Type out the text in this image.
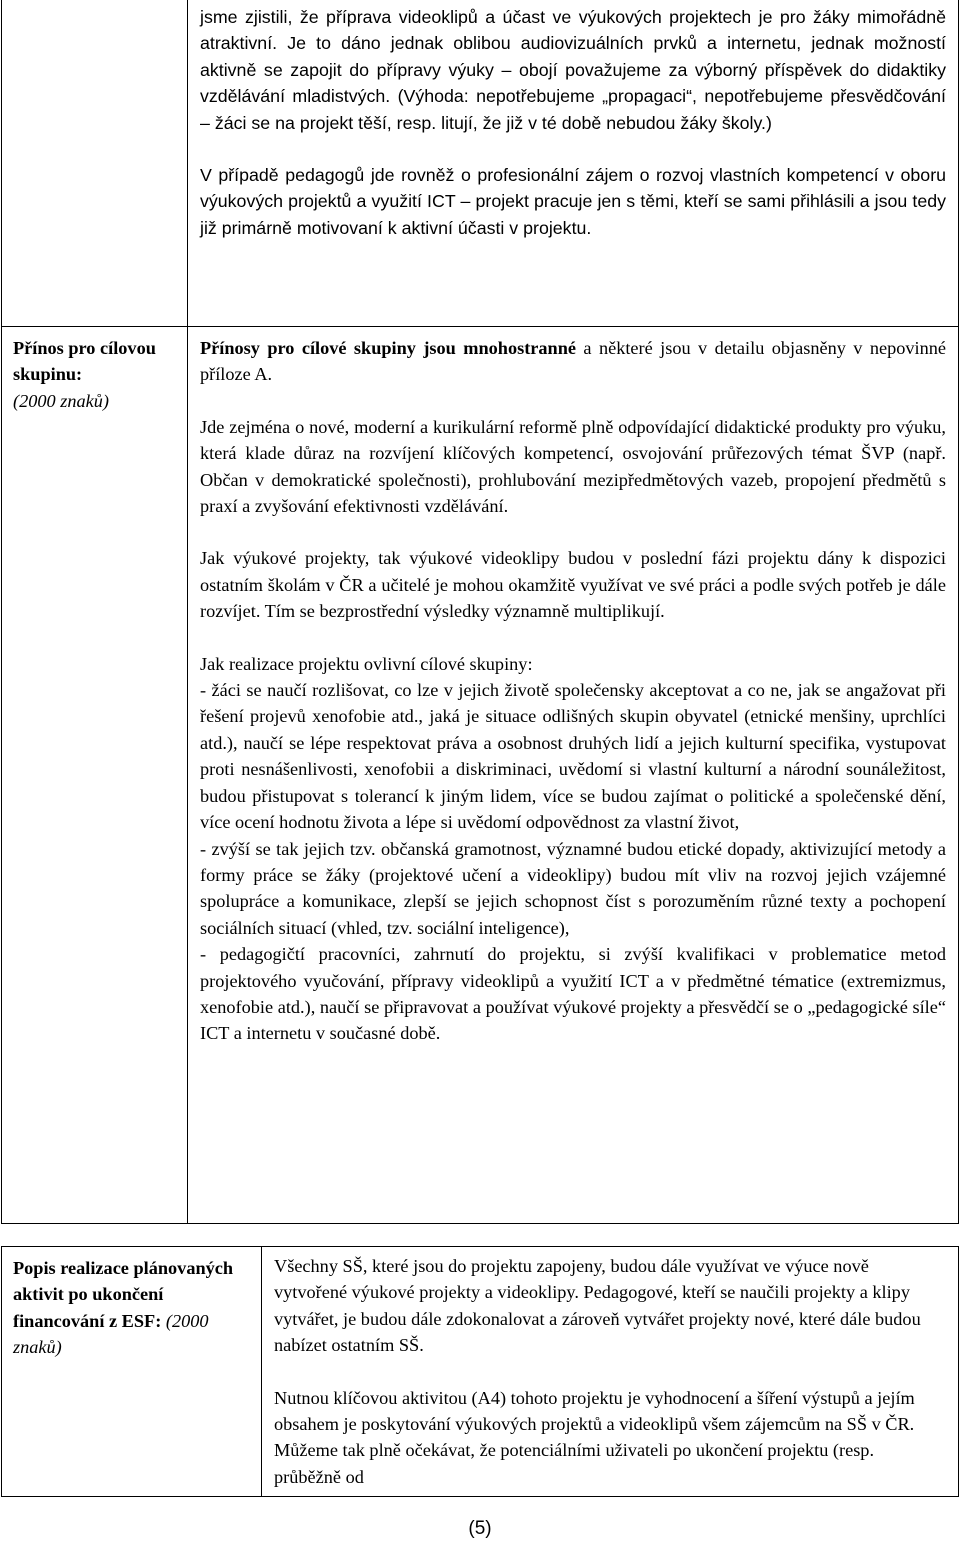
jsme zjistili, že příprava videoklipů a účast ve výukových projektech je pro žáky mimořádně atraktivní. Je to dáno jednak oblibou audiovizuálních prvků a internetu, jednak možností aktivně se zapojit do přípravy výuky – obojí považujeme za výborný příspěvek do didaktiky vzdělávání mladistvých. (Výhoda: nepotřebujeme „propagaci“, nepotřebujeme přesvědčování – žáci se na projekt těší, resp. litují, že již v té době nebudou žáky školy.)

V případě pedagogů jde rovněž o profesionální zájem o rozvoj vlastních kompetencí v oboru výukových projektů a využití ICT – projekt pracuje jen s těmi, kteří se sami přihlásili a jsou tedy již primárně motivovaní k aktivní účasti v projektu.

Přínos pro cílovou skupinu:
(2000 znaků)

Přínosy pro cílové skupiny jsou mnohostranné a některé jsou v detailu objasněny v nepovinné příloze A.

Jde zejména o nové, moderní a kurikulární reformě plně odpovídající didaktické produkty pro výuku, která klade důraz na rozvíjení klíčových kompetencí, osvojování průřezových témat ŠVP (např. Občan v demokratické společnosti), prohlubování mezipředmětových vazeb, propojení předmětů s praxí a zvyšování efektivnosti vzdělávání.

Jak výukové projekty, tak výukové videoklipy budou v poslední fázi projektu dány k dispozici ostatním školám v ČR a učitelé je mohou okamžitě využívat ve své práci a podle svých potřeb je dále rozvíjet. Tím se bezprostřední výsledky významně multiplikují.

Jak realizace projektu ovlivní cílové skupiny:

- žáci se naučí rozlišovat, co lze v jejich životě společensky akceptovat a co ne, jak se angažovat při řešení projevů xenofobie atd., jaká je situace odlišných skupin obyvatel (etnické menšiny, uprchlíci atd.), naučí se lépe respektovat práva a osobnost druhých lidí a jejich kulturní specifika, vystupovat proti nesnášenlivosti, xenofobii a diskriminaci, uvědomí si vlastní kulturní a národní sounáležitost, budou přistupovat s tolerancí k jiným lidem, více se budou zajímat o politické a společenské dění, více ocení hodnotu života a lépe si uvědomí odpovědnost za vlastní život,

- zvýší se tak jejich tzv. občanská gramotnost, významné budou etické dopady, aktivizující metody a formy práce se žáky (projektové učení a videoklipy) budou mít vliv na rozvoj jejich vzájemné spolupráce a komunikace, zlepší se jejich schopnost číst s porozuměním různé texty a pochopení sociálních situací (vhled, tzv. sociální inteligence),

- pedagogičtí pracovníci, zahrnutí do projektu, si zvýší kvalifikaci v problematice metod projektového vyučování, přípravy videoklipů a využití ICT a v předmětné tématice (extremizmus, xenofobie atd.), naučí se připravovat a používat výukové projekty a přesvědčí se o „pedagogické síle“ ICT a internetu v současné době.

Popis realizace plánovaných aktivit po ukončení financování z ESF: (2000 znaků)

Všechny SŠ, které jsou do projektu zapojeny, budou dále využívat ve výuce nově vytvořené výukové projekty a videoklipy. Pedagogové, kteří se naučili projekty a klipy vytvářet, je budou dále zdokonalovat a zároveň vytvářet projekty nové, které dále budou nabízet ostatním SŠ.

Nutnou klíčovou aktivitou (A4) tohoto projektu je vyhodnocení a šíření výstupů a jejím obsahem je poskytování výukových projektů a videoklipů všem zájemcům na SŠ v ČR. Můžeme tak plně očekávat, že potenciálními uživateli po ukončení projektu (resp. průběžně od

(5)
